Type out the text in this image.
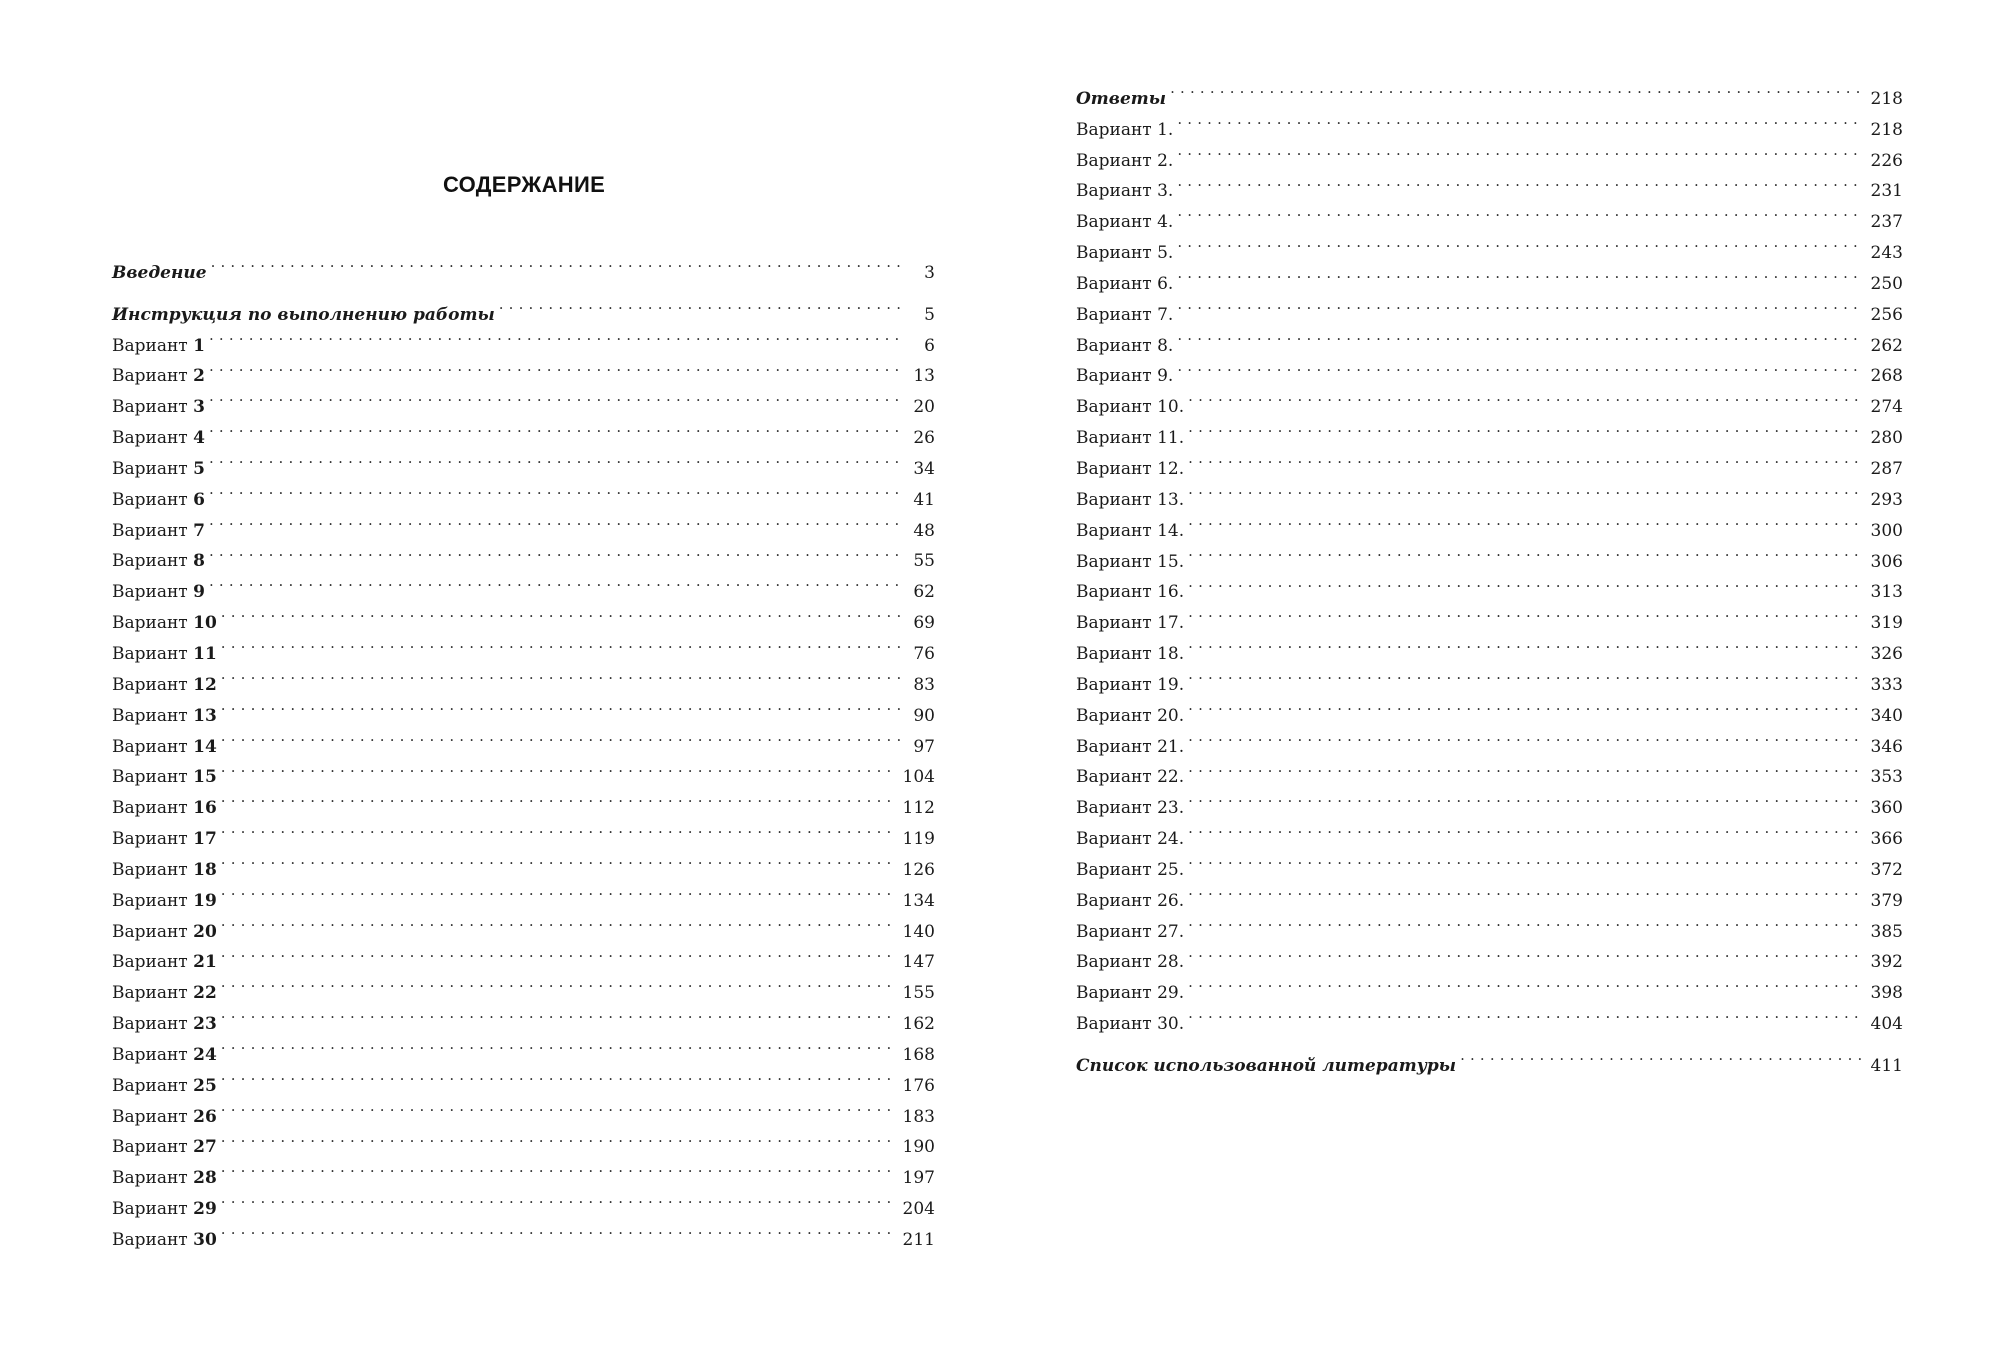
СОДЕРЖАНИЕ
Введение . . .	3
Инструкция по выполнению работы . . .	5
Вариант 1 . . .	6
Вариант 2 . . .	13
Вариант 3 . . .	20
Вариант 4 . . .	26
Вариант 5 . . .	34
Вариант 6 . . .	41
Вариант 7 . . .	48
Вариант 8 . . .	55
Вариант 9 . . .	62
Вариант 10 . . .	69
Вариант 11 . . .	76
Вариант 12 . . .	83
Вариант 13 . . .	90
Вариант 14 . . .	97
Вариант 15 . . .	104
Вариант 16 . . .	112
Вариант 17 . . .	119
Вариант 18 . . .	126
Вариант 19 . . .	134
Вариант 20 . . .	140
Вариант 21 . . .	147
Вариант 22 . . .	155
Вариант 23 . . .	162
Вариант 24 . . .	168
Вариант 25 . . .	176
Вариант 26 . . .	183
Вариант 27 . . .	190
Вариант 28 . . .	197
Вариант 29 . . .	204
Вариант 30 . . .	211
Ответы . . .	218
Вариант 1. . . .	218
Вариант 2. . . .	226
Вариант 3. . . .	231
Вариант 4. . . .	237
Вариант 5. . . .	243
Вариант 6. . . .	250
Вариант 7. . . .	256
Вариант 8. . . .	262
Вариант 9. . . .	268
Вариант 10. . . .	274
Вариант 11. . . .	280
Вариант 12. . . .	287
Вариант 13. . . .	293
Вариант 14. . . .	300
Вариант 15. . . .	306
Вариант 16. . . .	313
Вариант 17. . . .	319
Вариант 18. . . .	326
Вариант 19. . . .	333
Вариант 20. . . .	340
Вариант 21. . . .	346
Вариант 22. . . .	353
Вариант 23. . . .	360
Вариант 24. . . .	366
Вариант 25. . . .	372
Вариант 26. . . .	379
Вариант 27. . . .	385
Вариант 28. . . .	392
Вариант 29. . . .	398
Вариант 30. . . .	404
Список использованной литературы . . .	411
